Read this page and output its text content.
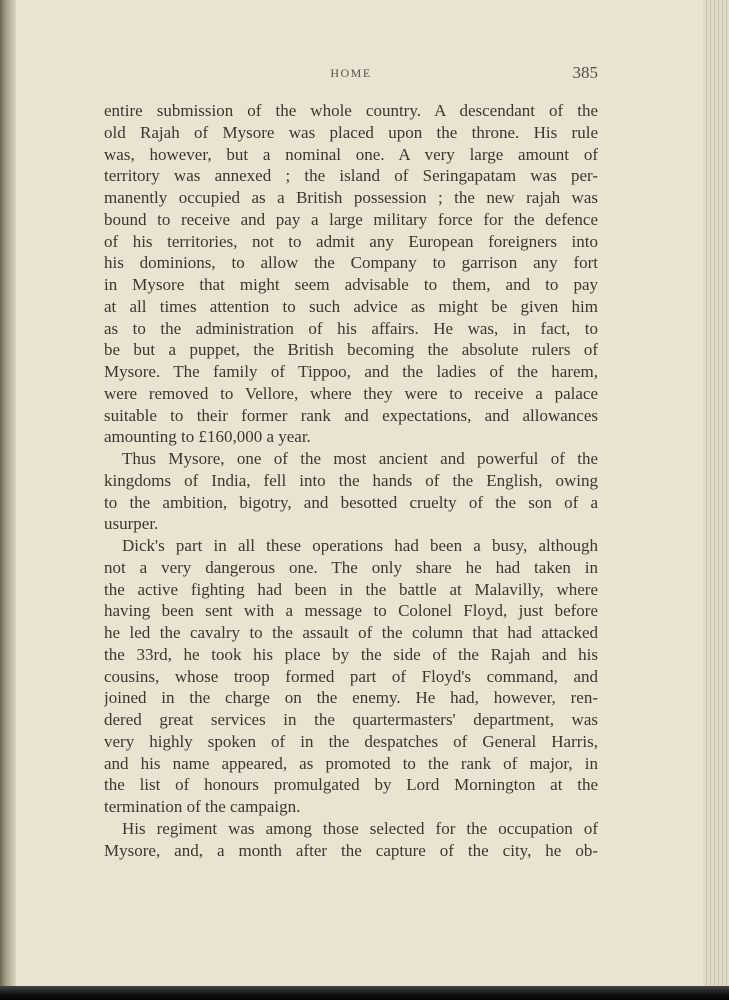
HOME	385
entire submission of the whole country. A descendant of the
old Rajah of Mysore was placed upon the throne. His rule
was, however, but a nominal one. A very large amount of
territory was annexed ; the island of Seringapatam was per-
manently occupied as a British possession ; the new rajah was
bound to receive and pay a large military force for the defence
of his territories, not to admit any European foreigners into
his dominions, to allow the Company to garrison any fort
in Mysore that might seem advisable to them, and to pay
at all times attention to such advice as might be given him
as to the administration of his affairs. He was, in fact, to
be but a puppet, the British becoming the absolute rulers of
Mysore. The family of Tippoo, and the ladies of the harem,
were removed to Vellore, where they were to receive a palace
suitable to their former rank and expectations, and allowances
amounting to £160,000 a year.
Thus Mysore, one of the most ancient and powerful of the
kingdoms of India, fell into the hands of the English, owing
to the ambition, bigotry, and besotted cruelty of the son of a
usurper.
Dick's part in all these operations had been a busy, although
not a very dangerous one. The only share he had taken in
the active fighting had been in the battle at Malavilly, where
having been sent with a message to Colonel Floyd, just before
he led the cavalry to the assault of the column that had attacked
the 33rd, he took his place by the side of the Rajah and his
cousins, whose troop formed part of Floyd's command, and
joined in the charge on the enemy. He had, however, ren-
dered great services in the quartermasters' department, was
very highly spoken of in the despatches of General Harris,
and his name appeared, as promoted to the rank of major, in
the list of honours promulgated by Lord Mornington at the
termination of the campaign.
His regiment was among those selected for the occupation of
Mysore, and, a month after the capture of the city, he ob-
